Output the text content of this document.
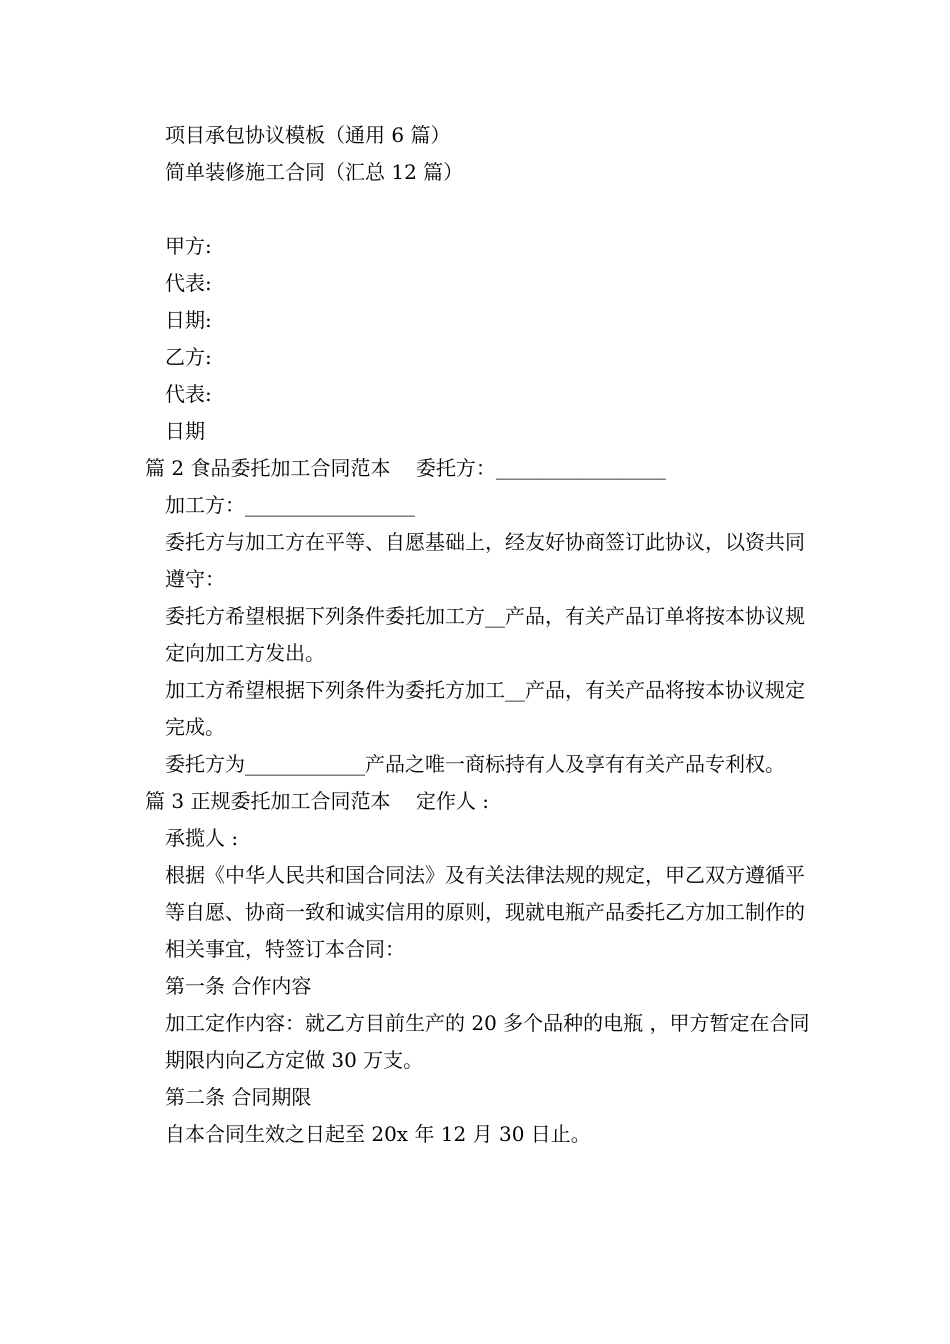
项目承包协议模板（通用 6 篇）

简单装修施工合同（汇总 12 篇）

甲方:

代表:

日期:

乙方:

代表:

日期

篇 2 食品委托加工合同范本    委托方：_________________

加工方：_________________

委托方与加工方在平等、自愿基础上，经友好协商签订此协议，以资共同遵守：

委托方希望根据下列条件委托加工方__产品，有关产品订单将按本协议规定向加工方发出。

加工方希望根据下列条件为委托方加工__产品，有关产品将按本协议规定完成。

委托方为____________产品之唯一商标持有人及享有有关产品专利权。

篇 3 正规委托加工合同范本    定作人 :

承揽人 :

根据《中华人民共和国合同法》及有关法律法规的规定，甲乙双方遵循平等自愿、协商一致和诚实信用的原则，现就电瓶产品委托乙方加工制作的相关事宜，特签订本合同：

第一条 合作内容

加工定作内容：就乙方目前生产的 20 多个品种的电瓶 ，甲方暂定在合同期限内向乙方定做 30 万支。

第二条 合同期限

自本合同生效之日起至 20x 年 12 月 30 日止。
